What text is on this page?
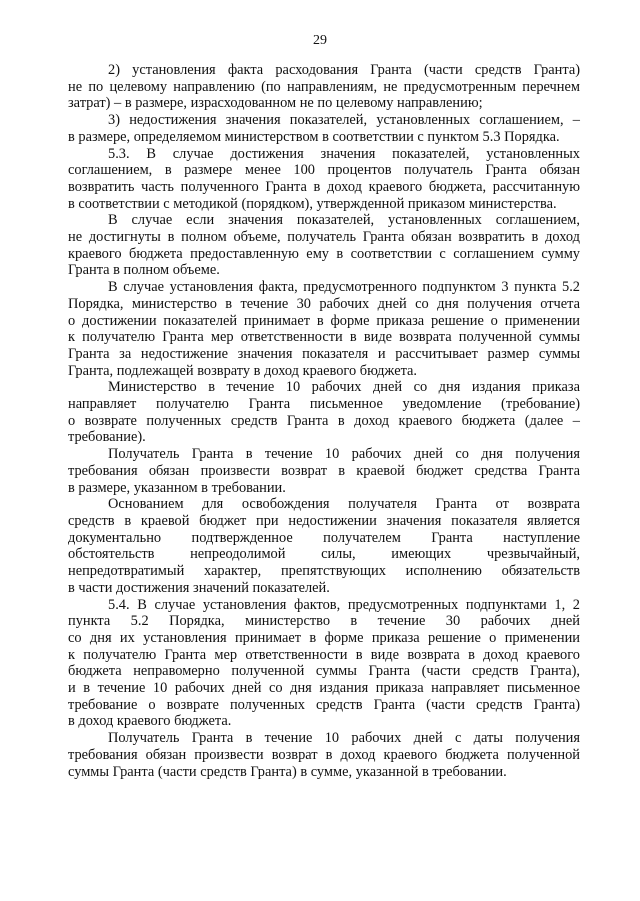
29
2) установления факта расходования Гранта (части средств Гранта)
не по целевому направлению (по направлениям, не предусмотренным перечнем
затрат) – в размере, израсходованном не по целевому направлению;
3) недостижения значения показателей, установленных соглашением, –
в размере, определяемом министерством в соответствии с пунктом 5.3 Порядка.
5.3. В случае достижения значения показателей, установленных
соглашением, в размере менее 100 процентов получатель Гранта обязан
возвратить часть полученного Гранта в доход краевого бюджета, рассчитанную
в соответствии с методикой (порядком), утвержденной приказом министерства.
В случае если значения показателей, установленных соглашением,
не достигнуты в полном объеме, получатель Гранта обязан возвратить в доход
краевого бюджета предоставленную ему в соответствии с соглашением сумму
Гранта в полном объеме.
В случае установления факта, предусмотренного подпунктом 3 пункта 5.2
Порядка, министерство в течение 30 рабочих дней со дня получения отчета
о достижении показателей принимает в форме приказа решение о применении
к получателю Гранта мер ответственности в виде возврата полученной суммы
Гранта за недостижение значения показателя и рассчитывает размер суммы
Гранта, подлежащей возврату в доход краевого бюджета.
Министерство в течение 10 рабочих дней со дня издания приказа
направляет получателю Гранта письменное уведомление (требование)
о возврате полученных средств Гранта в доход краевого бюджета (далее –
требование).
Получатель Гранта в течение 10 рабочих дней со дня получения
требования обязан произвести возврат в краевой бюджет средства Гранта
в размере, указанном в требовании.
Основанием для освобождения получателя Гранта от возврата
средств в краевой бюджет при недостижении значения показателя является
документально подтвержденное получателем Гранта наступление
обстоятельств непреодолимой силы, имеющих чрезвычайный,
непредотвратимый характер, препятствующих исполнению обязательств
в части достижения значений показателей.
5.4. В случае установления фактов, предусмотренных подпунктами 1, 2
пункта 5.2 Порядка, министерство в течение 30 рабочих дней
со дня их установления принимает в форме приказа решение о применении
к получателю Гранта мер ответственности в виде возврата в доход краевого
бюджета неправомерно полученной суммы Гранта (части средств Гранта),
и в течение 10 рабочих дней со дня издания приказа направляет письменное
требование о возврате полученных средств Гранта (части средств Гранта)
в доход краевого бюджета.
Получатель Гранта в течение 10 рабочих дней с даты получения
требования обязан произвести возврат в доход краевого бюджета полученной
суммы Гранта (части средств Гранта) в сумме, указанной в требовании.
